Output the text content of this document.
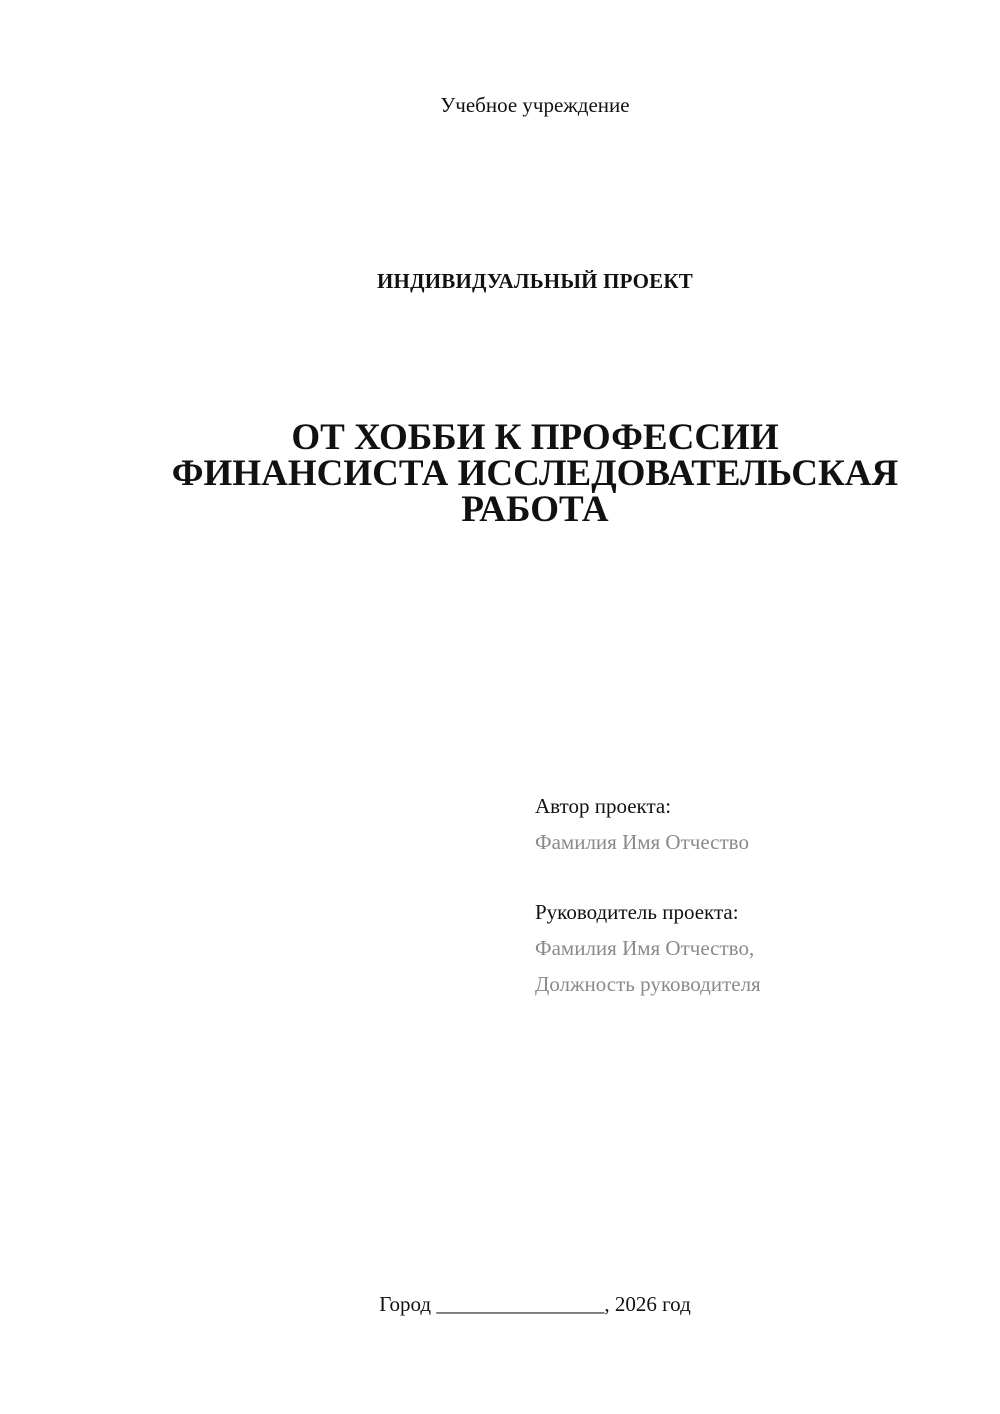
Учебное учреждение
ИНДИВИДУАЛЬНЫЙ ПРОЕКТ
ОТ ХОББИ К ПРОФЕССИИ
ФИНАНСИСТА ИССЛЕДОВАТЕЛЬСКАЯ
РАБОТА
Автор проекта:
Фамилия Имя Отчество
Руководитель проекта:
Фамилия Имя Отчество,
Должность руководителя
Город ________________, 2026 год
